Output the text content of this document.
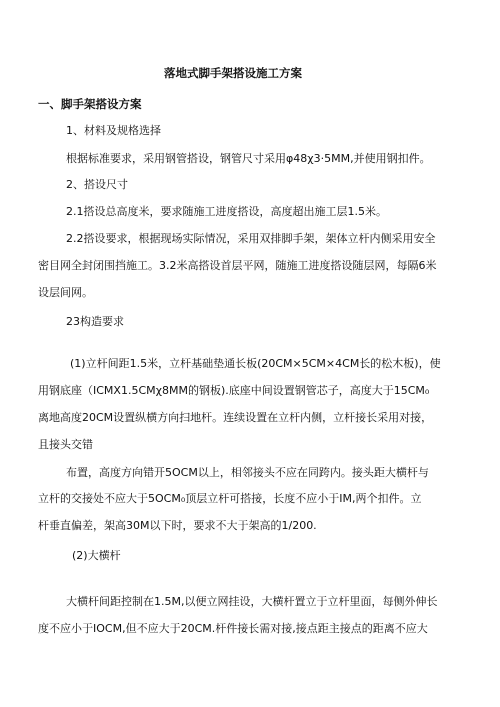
落地式脚手架搭设施工方案
一、脚手架搭设方案
1、材料及规格选择
根据标准要求，采用钢管搭设，钢管尺寸采用φ48χ3·5MM,并使用钢扣件。
2、搭设尺寸
2.1搭设总高度米，要求随施工进度搭设，高度超出施工层1.5米。
2.2搭设要求，根据现场实际情况，采用双排脚手架，架体立杆内侧采用安全
密目网全封闭围挡施工。3.2米高搭设首层平网，随施工进度搭设随层网，每隔6米
设层间网。
23构造要求
(1)立杆间距1.5米，立杆基础垫通长板(20CM×5CM×4CM长的松木板)，使
用钢底座（ICMX1.5CMχ8MM的钢板).底座中间设置钢管芯子，高度大于15CM₀
离地高度20CM设置纵横方向扫地杆。连续设置在立杆内侧，立杆接长采用对接，
且接头交错
布置，高度方向错开5OCM以上，相邻接头不应在同跨内。接头距大横杆与
立杆的交接处不应大于5OCM₀顶层立杆可搭接，长度不应小于IM,两个扣件。立
杆垂直偏差，架高30M以下时，要求不大于架高的1/200.
(2)大横杆
大横杆间距控制在1.5M,以便立网挂设，大横杆置立于立杆里面，每侧外伸长
度不应小于IOCM,但不应大于20CM.杆件接长需对接,接点距主接点的距离不应大
